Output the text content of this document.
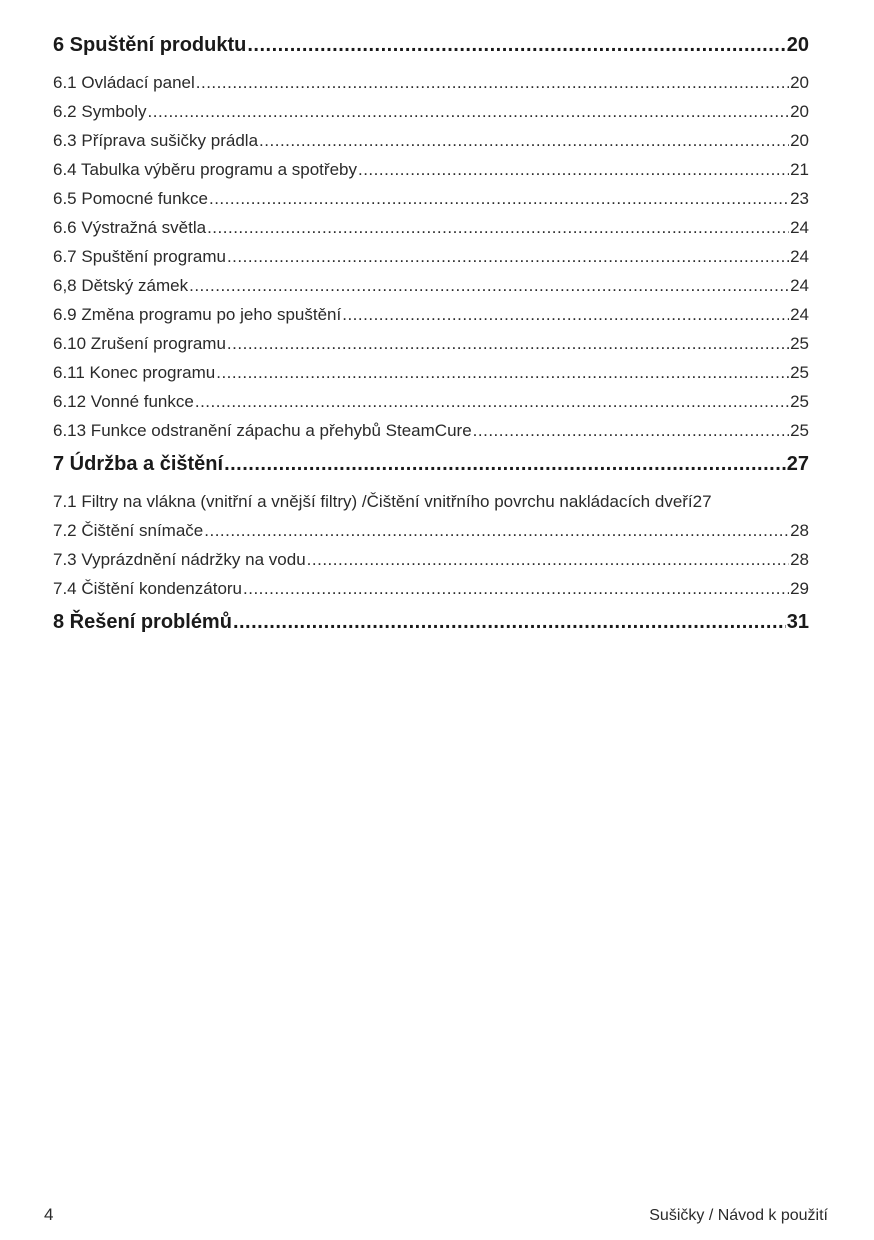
6 Spuštění produktu .....	20
6.1 Ovládací panel .....	20
6.2 Symboly .....	20
6.3 Příprava sušičky prádla .....	20
6.4 Tabulka výběru programu a spotřeby .....	21
6.5 Pomocné funkce .....	23
6.6 Výstražná světla .....	24
6.7 Spuštění programu .....	24
6,8 Dětský zámek .....	24
6.9 Změna programu po jeho spuštění .....	24
6.10 Zrušení programu .....	25
6.11 Konec programu .....	25
6.12 Vonné funkce .....	25
6.13 Funkce odstranění zápachu a přehybů SteamCure .....	25
7 Údržba a čištění .....	27
7.1 Filtry na vlákna (vnitřní a vnější filtry) /Čištění vnitřního povrchu nakládacích dveří 27
7.2 Čištění snímače .....	28
7.3 Vyprázdnění nádržky na vodu .....	28
7.4 Čištění kondenzátoru .....	29
8 Řešení problémů .....	31
4	Sušičky / Návod k použití
